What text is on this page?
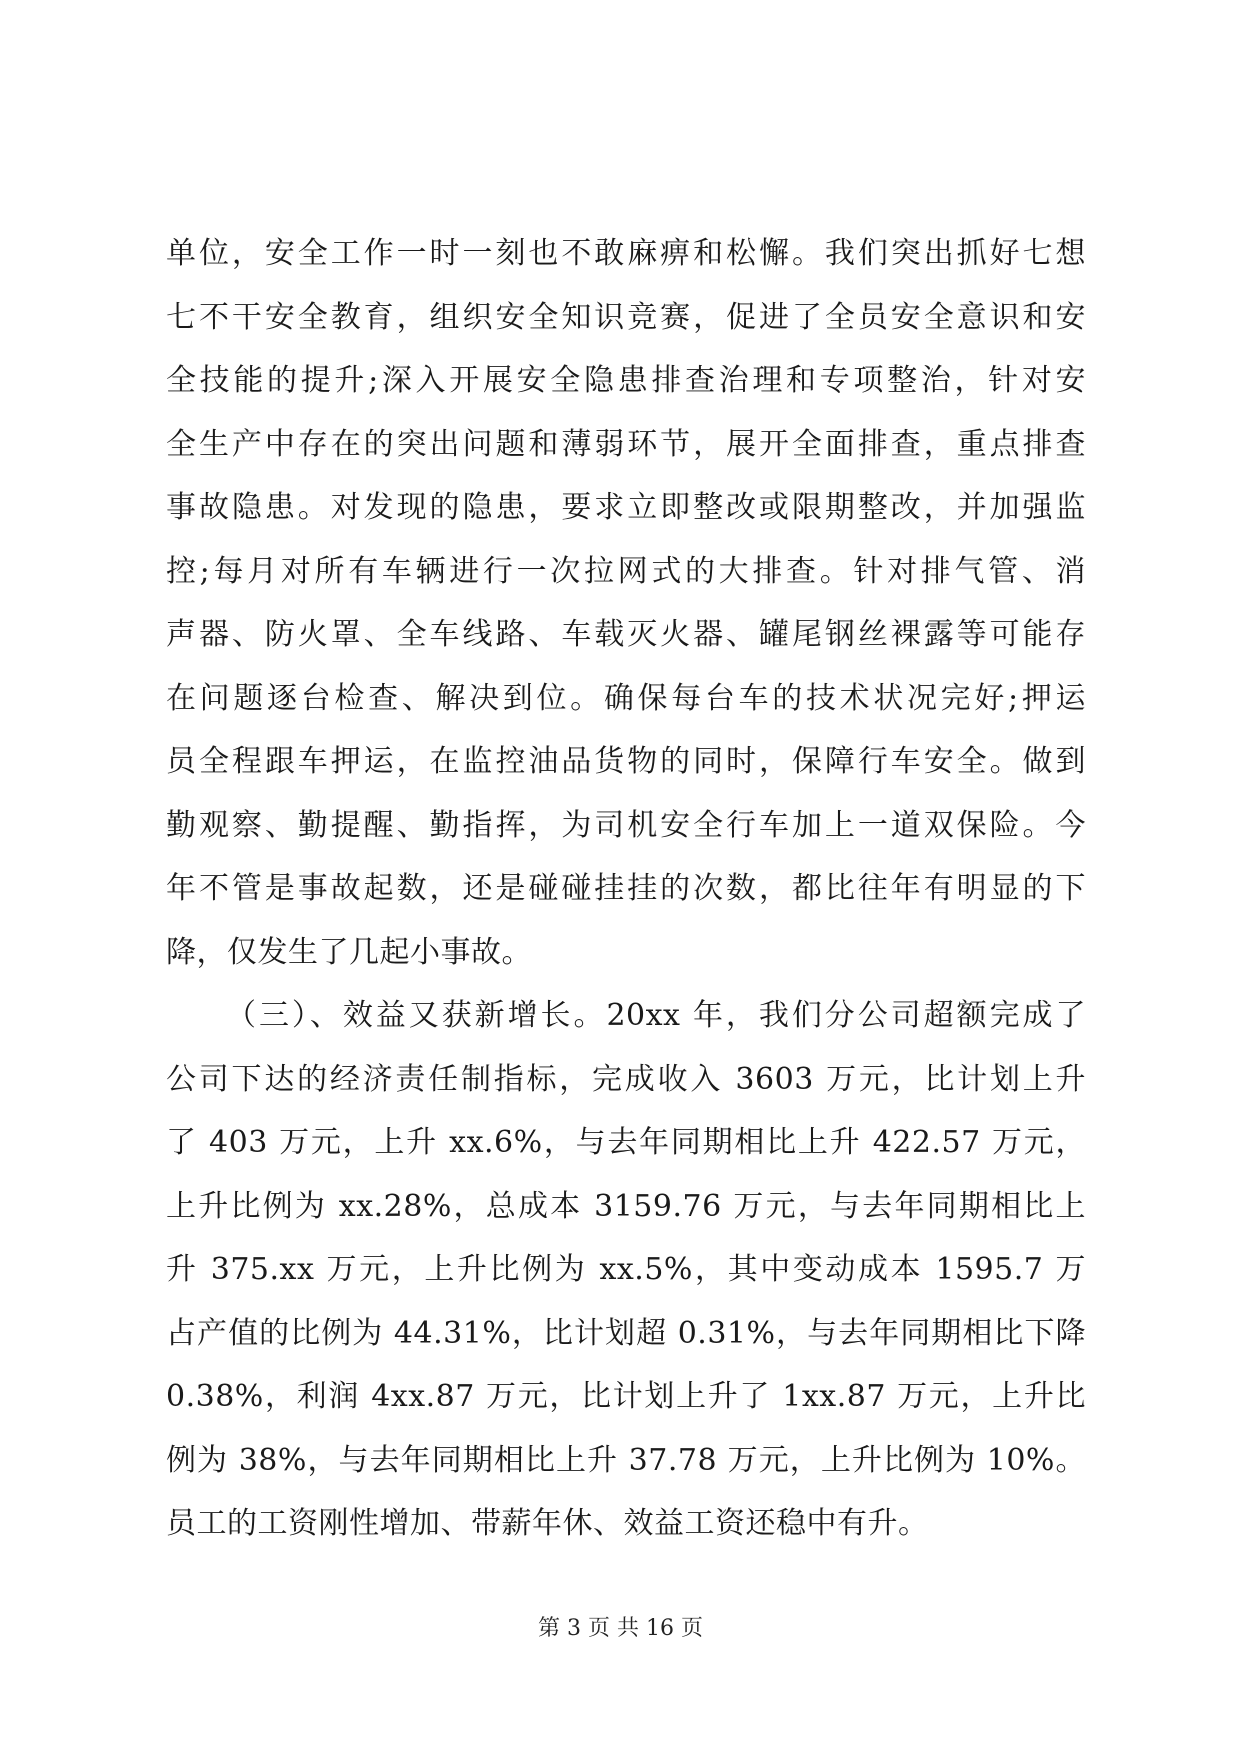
单位，安全工作一时一刻也不敢麻痹和松懈。我们突出抓好七想
七不干安全教育，组织安全知识竞赛，促进了全员安全意识和安
全技能的提升;深入开展安全隐患排查治理和专项整治，针对安
全生产中存在的突出问题和薄弱环节，展开全面排查，重点排查
事故隐患。对发现的隐患，要求立即整改或限期整改，并加强监
控;每月对所有车辆进行一次拉网式的大排查。针对排气管、消
声器、防火罩、全车线路、车载灭火器、罐尾钢丝裸露等可能存
在问题逐台检查、解决到位。确保每台车的技术状况完好;押运
员全程跟车押运，在监控油品货物的同时，保障行车安全。做到
勤观察、勤提醒、勤指挥，为司机安全行车加上一道双保险。今
年不管是事故起数，还是碰碰挂挂的次数，都比往年有明显的下
降，仅发生了几起小事故。
（三）、效益又获新增长。20xx 年，我们分公司超额完成了
公司下达的经济责任制指标，完成收入 3603 万元，比计划上升
了 403 万元，上升 xx.6%，与去年同期相比上升 422.57 万元，
上升比例为 xx.28%，总成本 3159.76 万元，与去年同期相比上
升 375.xx 万元，上升比例为 xx.5%，其中变动成本 1595.7 万
占产值的比例为 44.31%，比计划超 0.31%，与去年同期相比下降
0.38%，利润 4xx.87 万元，比计划上升了 1xx.87 万元，上升比
例为 38%，与去年同期相比上升 37.78 万元，上升比例为 10%。
员工的工资刚性增加、带薪年休、效益工资还稳中有升。
第 3 页 共 16 页
